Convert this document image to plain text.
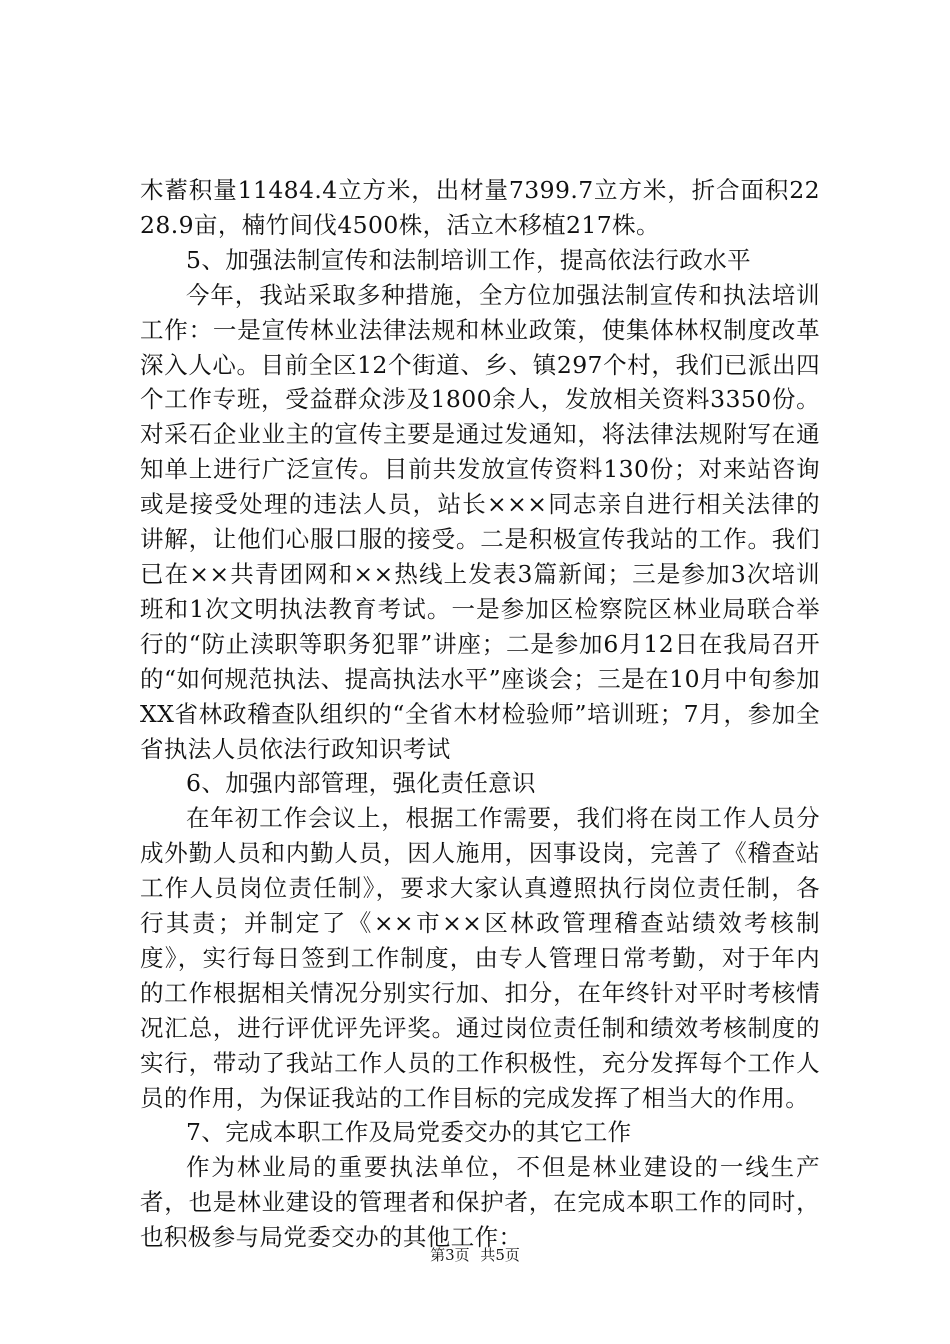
木蓄积量11484.4立方米，出材量7399.7立方米，折合面积2228.9亩，楠竹间伐4500株，活立木移植217株。

5、加强法制宣传和法制培训工作，提高依法行政水平

今年，我站采取多种措施，全方位加强法制宣传和执法培训工作：一是宣传林业法律法规和林业政策，使集体林权制度改革深入人心。目前全区12个街道、乡、镇297个村，我们已派出四个工作专班，受益群众涉及1800余人，发放相关资料3350份。对采石企业业主的宣传主要是通过发通知，将法律法规附写在通知单上进行广泛宣传。目前共发放宣传资料130份；对来站咨询或是接受处理的违法人员，站长×××同志亲自进行相关法律的讲解，让他们心服口服的接受。二是积极宣传我站的工作。我们已在××共青团网和××热线上发表3篇新闻；三是参加3次培训班和1次文明执法教育考试。一是参加区检察院区林业局联合举行的“防止渎职等职务犯罪”讲座；二是参加6月12日在我局召开的“如何规范执法、提高执法水平”座谈会；三是在10月中旬参加XX省林政稽查队组织的“全省木材检验师”培训班；7月，参加全省执法人员依法行政知识考试

6、加强内部管理，强化责任意识

在年初工作会议上，根据工作需要，我们将在岗工作人员分成外勤人员和内勤人员，因人施用，因事设岗，完善了《稽查站工作人员岗位责任制》，要求大家认真遵照执行岗位责任制，各行其责；并制定了《××市××区林政管理稽查站绩效考核制度》，实行每日签到工作制度，由专人管理日常考勤，对于年内的工作根据相关情况分别实行加、扣分，在年终针对平时考核情况汇总，进行评优评先评奖。通过岗位责任制和绩效考核制度的实行，带动了我站工作人员的工作积极性，充分发挥每个工作人员的作用，为保证我站的工作目标的完成发挥了相当大的作用。

7、完成本职工作及局党委交办的其它工作

作为林业局的重要执法单位，不但是林业建设的一线生产者，也是林业建设的管理者和保护者，在完成本职工作的同时，也积极参与局党委交办的其他工作：

第3页 共5页
